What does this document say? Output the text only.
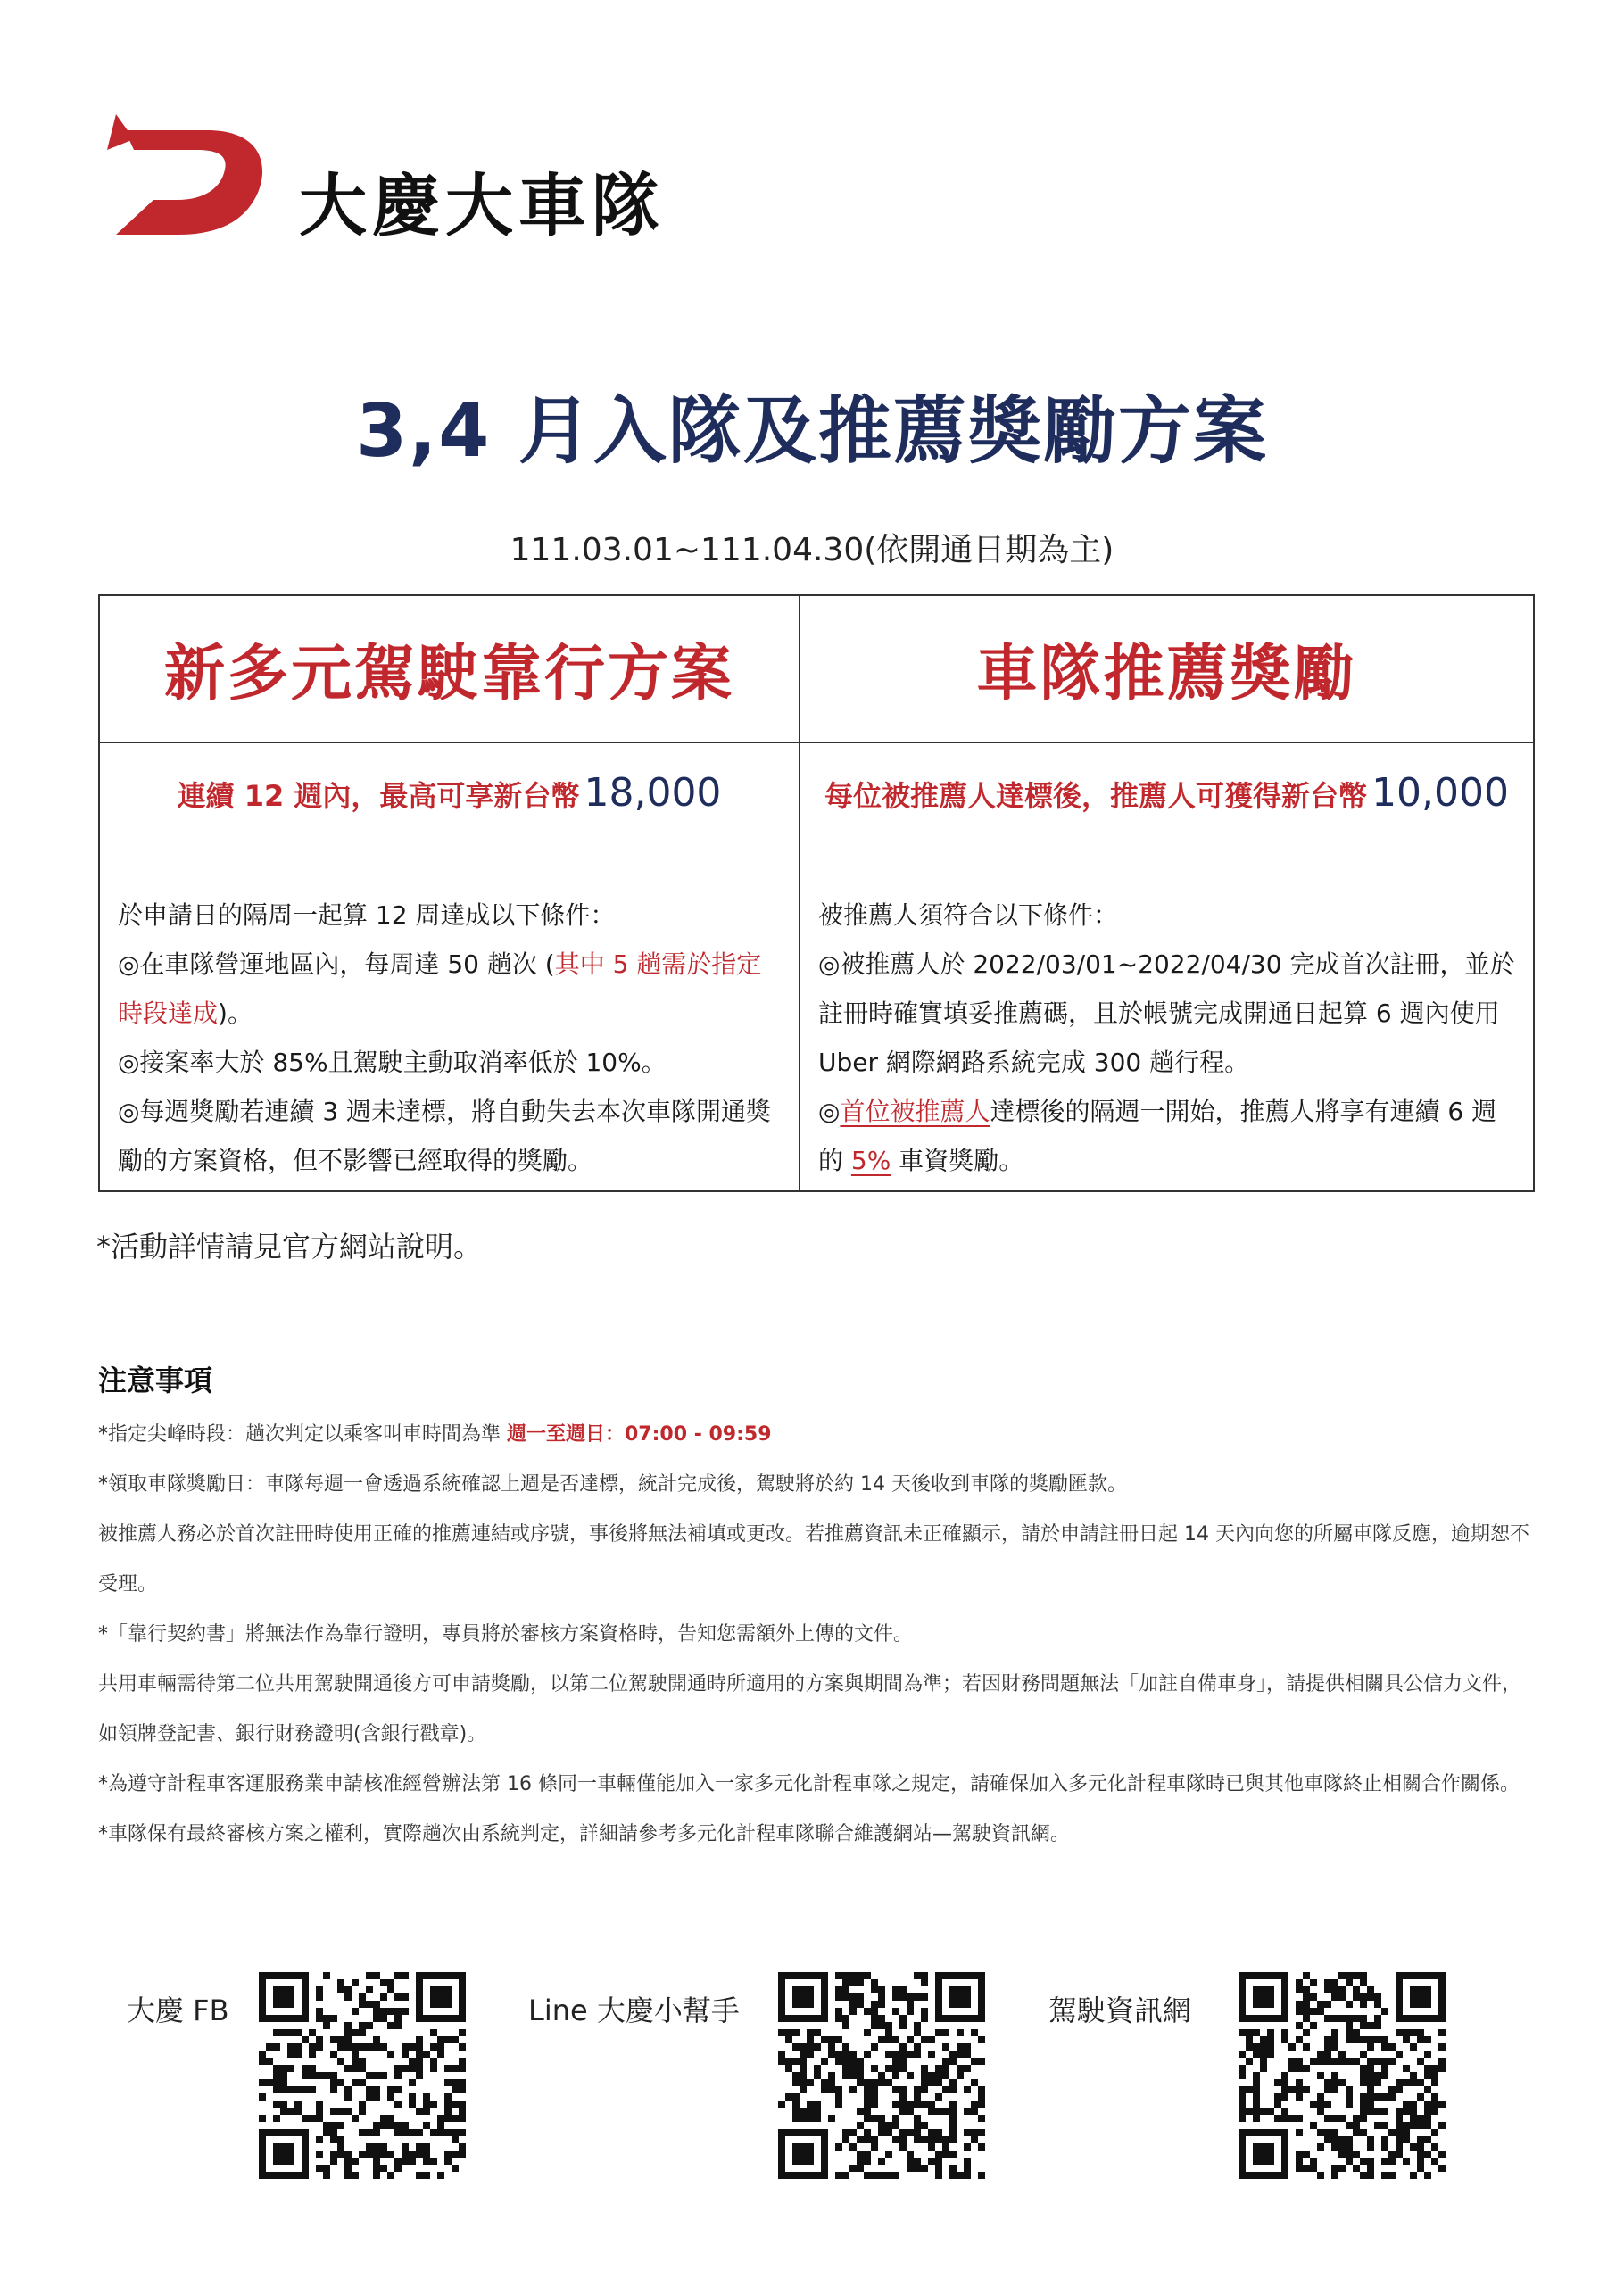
大慶大車隊
3,4 月入隊及推薦獎勵方案
111.03.01~111.04.30(依開通日期為主)
新多元駕駛靠行方案
連續 12 週內，最高可享新台幣 18,000

於申請日的隔周一起算 12 周達成以下條件：

◎在車隊營運地區內，每周達 50 趟次 (其中 5 趟需於指定時段達成)。

◎接案率大於 85%且駕駛主動取消率低於 10%。

◎每週獎勵若連續 3 週未達標，將自動失去本次車隊開通獎勵的方案資格，但不影響已經取得的獎勵。

車隊推薦獎勵
每位被推薦人達標後，推薦人可獲得新台幣 10,000

被推薦人須符合以下條件：

◎被推薦人於 2022/03/01~2022/04/30 完成首次註冊，並於註冊時確實填妥推薦碼，且於帳號完成開通日起算 6 週內使用 Uber 網際網路系統完成 300 趟行程。

◎首位被推薦人達標後的隔週一開始，推薦人將享有連續 6 週的 5% 車資獎勵。

*活動詳情請見官方網站說明。
注意事項

*指定尖峰時段：趟次判定以乘客叫車時間為準 週一至週日：07:00 - 09:59

*領取車隊獎勵日：車隊每週一會透過系統確認上週是否達標，統計完成後，駕駛將於約 14 天後收到車隊的獎勵匯款。

被推薦人務必於首次註冊時使用正確的推薦連結或序號，事後將無法補填或更改。若推薦資訊未正確顯示，請於申請註冊日起 14 天內向您的所屬車隊反應，逾期恕不受理。

*「靠行契約書」將無法作為靠行證明，專員將於審核方案資格時，告知您需額外上傳的文件。

共用車輛需待第二位共用駕駛開通後方可申請獎勵，以第二位駕駛開通時所適用的方案與期間為準；若因財務問題無法「加註自備車身」，請提供相關具公信力文件，如領牌登記書、銀行財務證明(含銀行戳章)。

*為遵守計程車客運服務業申請核准經營辦法第 16 條同一車輛僅能加入一家多元化計程車隊之規定，請確保加入多元化計程車隊時已與其他車隊終止相關合作關係。

*車隊保有最終審核方案之權利，實際趟次由系統判定，詳細請參考多元化計程車隊聯合維護網站—駕駛資訊網。

大慶 FB	Line 大慶小幫手	駕駛資訊網
